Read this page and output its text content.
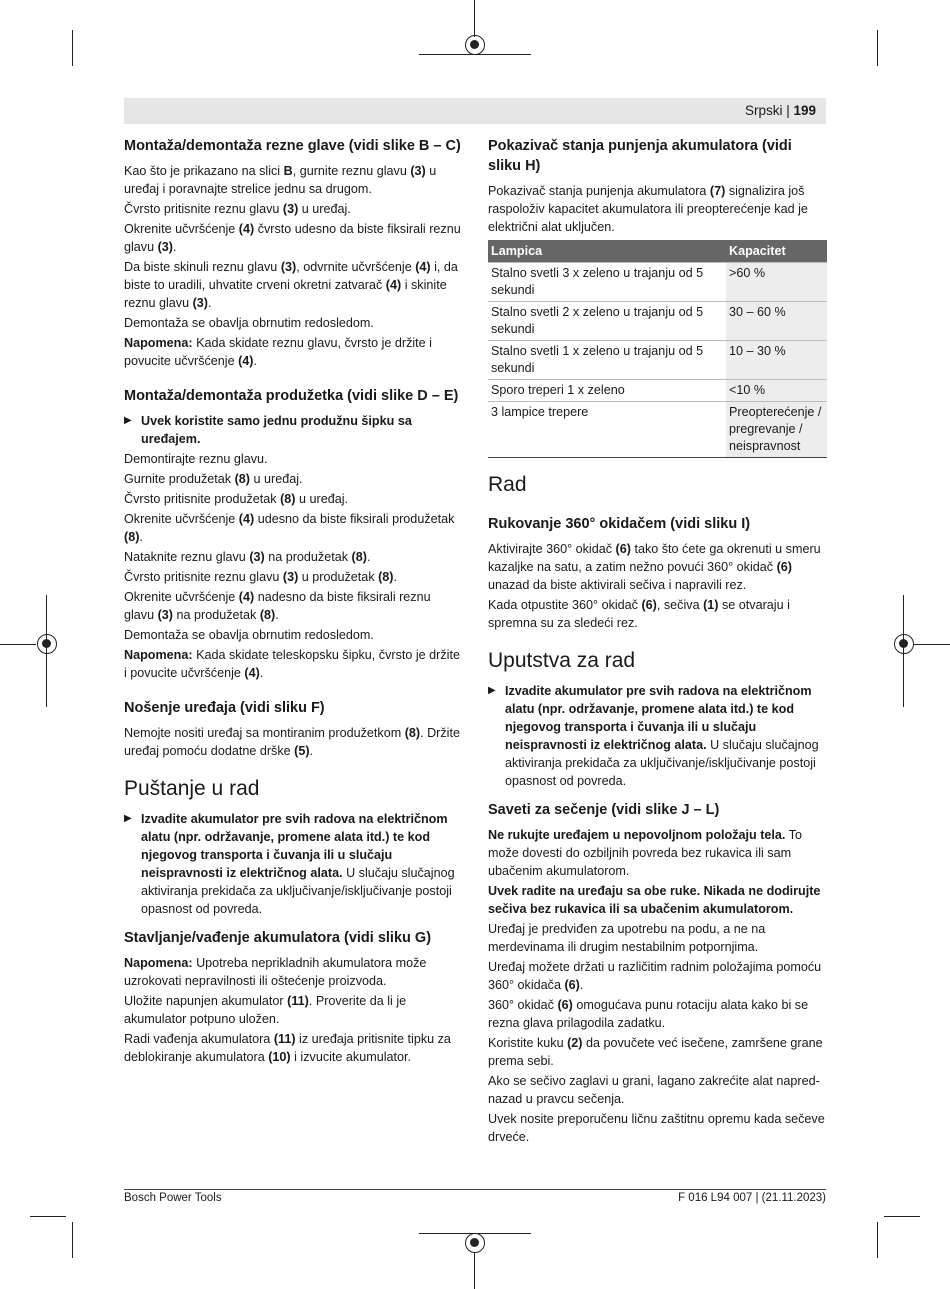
Srpski | 199
Montaža/demontaža rezne glave (vidi slike B – C)

Kao što je prikazano na slici B, gurnite reznu glavu (3) u uređaj i poravnajte strelice jednu sa drugom.

Čvrsto pritisnite reznu glavu (3) u uređaj.

Okrenite učvršćenje (4) čvrsto udesno da biste fiksirali reznu glavu (3).

Da biste skinuli reznu glavu (3), odvrnite učvršćenje (4) i, da biste to uradili, uhvatite crveni okretni zatvarač (4) i skinite reznu glavu (3).

Demontaža se obavlja obrnutim redosledom.

Napomena: Kada skidate reznu glavu, čvrsto je držite i povucite učvršćenje (4).

Montaža/demontaža produžetka (vidi slike D – E)

▶ Uvek koristite samo jednu produžnu šipku sa uređajem.

Demontirajte reznu glavu.

Gurnite produžetak (8) u uređaj.

Čvrsto pritisnite produžetak (8) u uređaj.

Okrenite učvršćenje (4) udesno da biste fiksirali produžetak (8).

Nataknite reznu glavu (3) na produžetak (8).

Čvrsto pritisnite reznu glavu (3) u produžetak (8).

Okrenite učvršćenje (4) nadesno da biste fiksirali reznu glavu (3) na produžetak (8).

Demontaža se obavlja obrnutim redosledom.

Napomena: Kada skidate teleskopsku šipku, čvrsto je držite i povucite učvršćenje (4).

Nošenje uređaja (vidi sliku F)

Nemojte nositi uređaj sa montiranim produžetkom (8). Držite uređaj pomoću dodatne drške (5).

Puštanje u rad

▶ Izvadite akumulator pre svih radova na električnom alatu (npr. održavanje, promene alata itd.) te kod njegovog transporta i čuvanja ili u slučaju neispravnosti iz električnog alata. U slučaju slučajnog aktiviranja prekidača za uključivanje/isključivanje postoji opasnost od povreda.

Stavljanje/vađenje akumulatora (vidi sliku G)

Napomena: Upotreba neprikladnih akumulatora može uzrokovati nepravilnosti ili oštećenje proizvoda.

Uložite napunjen akumulator (11). Proverite da li je akumulator potpuno uložen.

Radi vađenja akumulatora (11) iz uređaja pritisnite tipku za deblokiranje akumulatora (10) i izvucite akumulator.

Pokazivač stanja punjenja akumulatora (vidi sliku H)

Pokazivač stanja punjenja akumulatora (7) signalizira još raspoloživ kapacitet akumulatora ili preopterećenje kad je električni alat uključen.

Lampica	Kapacitet
Stalno svetli 3 x zeleno u trajanju od 5 sekundi	>60 %
Stalno svetli 2 x zeleno u trajanju od 5 sekundi	30 – 60 %
Stalno svetli 1 x zeleno u trajanju od 5 sekundi	10 – 30 %
Sporo treperi 1 x zeleno	<10 %
3 lampice trepere	Preopterećenje / pregrevanje / neispravnost
Rad
Rukovanje 360° okidačem (vidi sliku I)

Aktivirajte 360° okidač (6) tako što ćete ga okrenuti u smeru kazaljke na satu, a zatim nežno povući 360° okidač (6) unazad da biste aktivirali sečiva i napravili rez.

Kada otpustite 360° okidač (6), sečiva (1) se otvaraju i spremna su za sledeći rez.

Uputstva za rad

▶ Izvadite akumulator pre svih radova na električnom alatu (npr. održavanje, promene alata itd.) te kod njegovog transporta i čuvanja ili u slučaju neispravnosti iz električnog alata. U slučaju slučajnog aktiviranja prekidača za uključivanje/isključivanje postoji opasnost od povreda.

Saveti za sečenje (vidi slike J – L)

Ne rukujte uređajem u nepovoljnom položaju tela. To može dovesti do ozbiljnih povreda bez rukavica ili sam ubačenim akumulatorom.

Uvek radite na uređaju sa obe ruke. Nikada ne dodirujte sečiva bez rukavica ili sa ubačenim akumulatorom.

Uređaj je predviđen za upotrebu na podu, a ne na merdevinama ili drugim nestabilnim potpornjima.

Uređaj možete držati u različitim radnim položajima pomoću 360° okidača (6).

360° okidač (6) omogućava punu rotaciju alata kako bi se rezna glava prilagodila zadatku.

Koristite kuku (2) da povučete već isečene, zamršene grane prema sebi.

Ako se sečivo zaglavi u grani, lagano zakrećite alat napred-nazad u pravcu sečenja.

Uvek nosite preporučenu ličnu zaštitnu opremu kada sečeve drveće.

Bosch Power Tools	F 016 L94 007 | (21.11.2023)
